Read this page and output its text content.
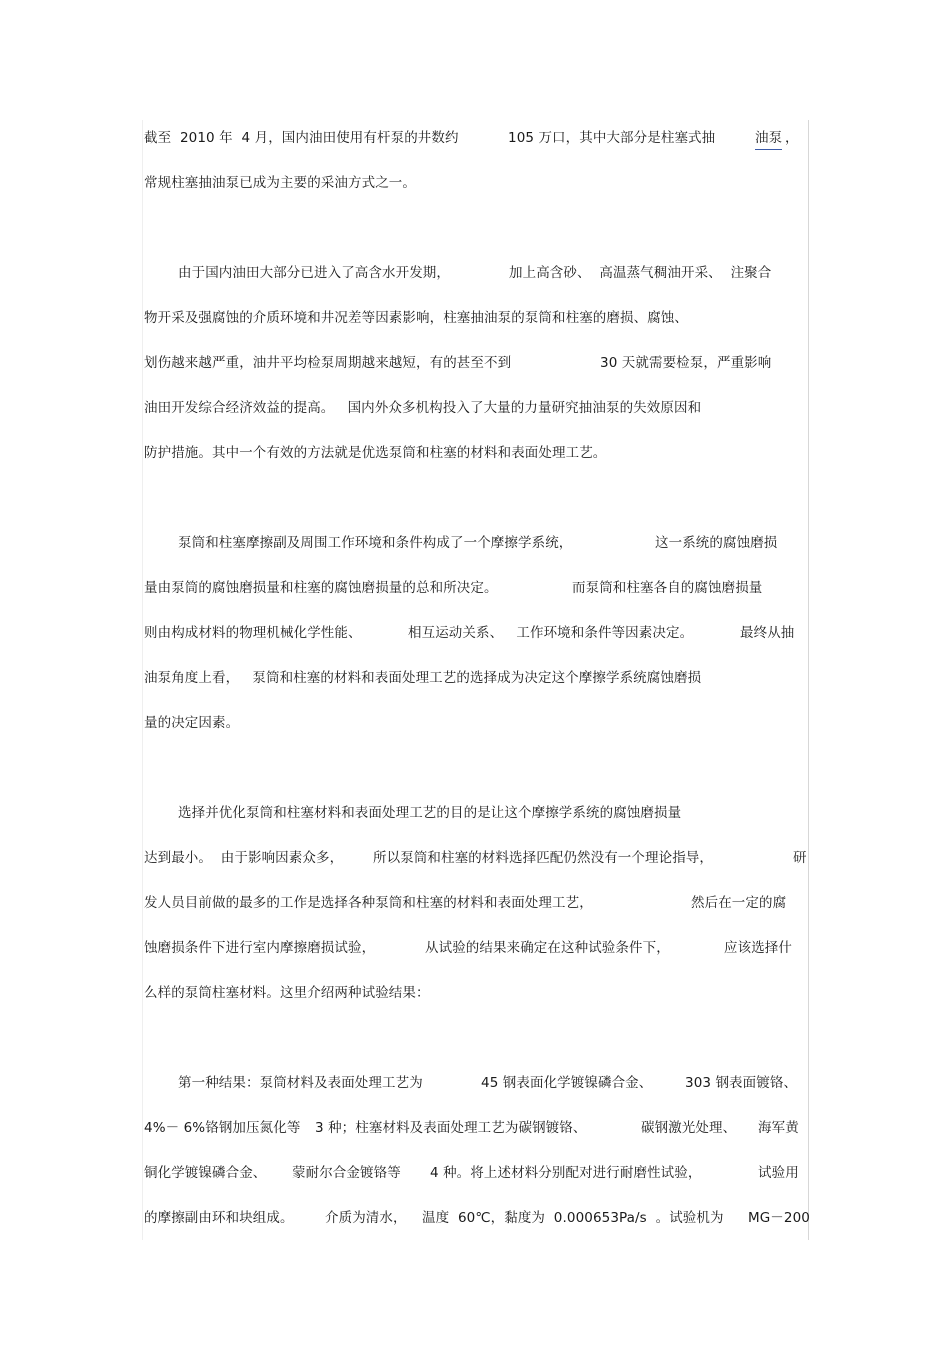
截至  2010 年  4 月，国内油田使用有杆泵的井数约

	105 万口，其中大部分是柱塞式抽

	油泵

，

常规柱塞抽油泵已成为主要的采油方式之一。

由于国内油田大部分已进入了高含水开发期，

	加上高含砂、  高温蒸气稠油开采、  注聚合

物开采及强腐蚀的介质环境和井况差等因素影响，柱塞抽油泵的泵筒和柱塞的磨损、腐蚀、

划伤越来越严重，油井平均检泵周期越来越短，有的甚至不到

	30 天就需要检泵，严重影响

油田开发综合经济效益的提高。   国内外众多机构投入了大量的力量研究抽油泵的失效原因和

防护措施。其中一个有效的方法就是优选泵筒和柱塞的材料和表面处理工艺。

泵筒和柱塞摩擦副及周围工作环境和条件构成了一个摩擦学系统，

	这一系统的腐蚀磨损

量由泵筒的腐蚀磨损量和柱塞的腐蚀磨损量的总和所决定。

	而泵筒和柱塞各自的腐蚀磨损量

则由构成材料的物理机械化学性能、

	相互运动关系、   工作环境和条件等因素决定。

	最终从抽

油泵角度上看，   泵筒和柱塞的材料和表面处理工艺的选择成为决定这个摩擦学系统腐蚀磨损

量的决定因素。

选择并优化泵筒和柱塞材料和表面处理工艺的目的是让这个摩擦学系统的腐蚀磨损量

达到最小。  由于影响因素众多，

所以泵筒和柱塞的材料选择匹配仍然没有一个理论指导，

	研

发人员目前做的最多的工作是选择各种泵筒和柱塞的材料和表面处理工艺，

	然后在一定的腐

蚀磨损条件下进行室内摩擦磨损试验，

	从试验的结果来确定在这种试验条件下，

	应该选择什

么样的泵筒柱塞材料。这里介绍两种试验结果：

第一种结果：泵筒材料及表面处理工艺为

	45 钢表面化学镀镍磷合金、

303 钢表面镀铬、

4%－ 6%铬钢加压氮化等

3 种；柱塞材料及表面处理工艺为碳钢镀铬、

	碳钢激光处理、

海军黄

铜化学镀镍磷合金、

蒙耐尔合金镀铬等

4 种。将上述材料分别配对进行耐磨性试验，

	试验用

的摩擦副由环和块组成。

介质为清水，

温度  60℃，黏度为  0.000653Pa/s  。试验机为

MG－200
